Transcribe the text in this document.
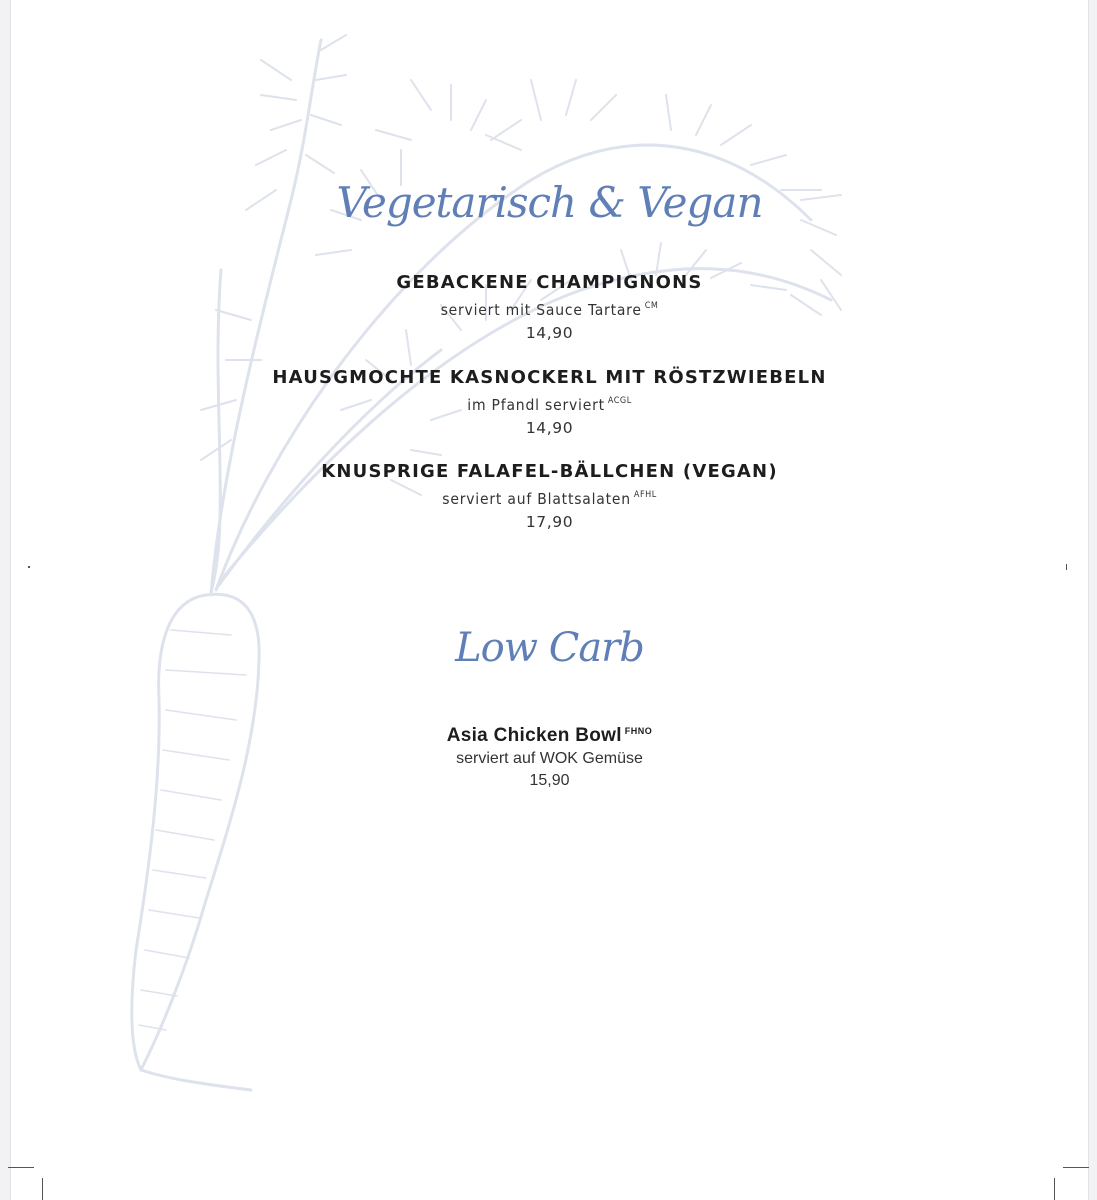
Vegetarisch & Vegan
GEBACKENE CHAMPIGNONS
serviert mit Sauce Tartare $^{CM}$
14,90
HAUSGMOCHTE KASNOCKERL MIT RÖSTZWIEBELN
im Pfandl serviert $^{ACGL}$
14,90
KNUSPRIGE FALAFEL-BÄLLCHEN (VEGAN)
serviert auf Blattsalaten $^{AFHL}$
17,90
Low Carb
Asia Chicken Bowl $^{FHNO}$
serviert auf WOK Gemüse
15,90
